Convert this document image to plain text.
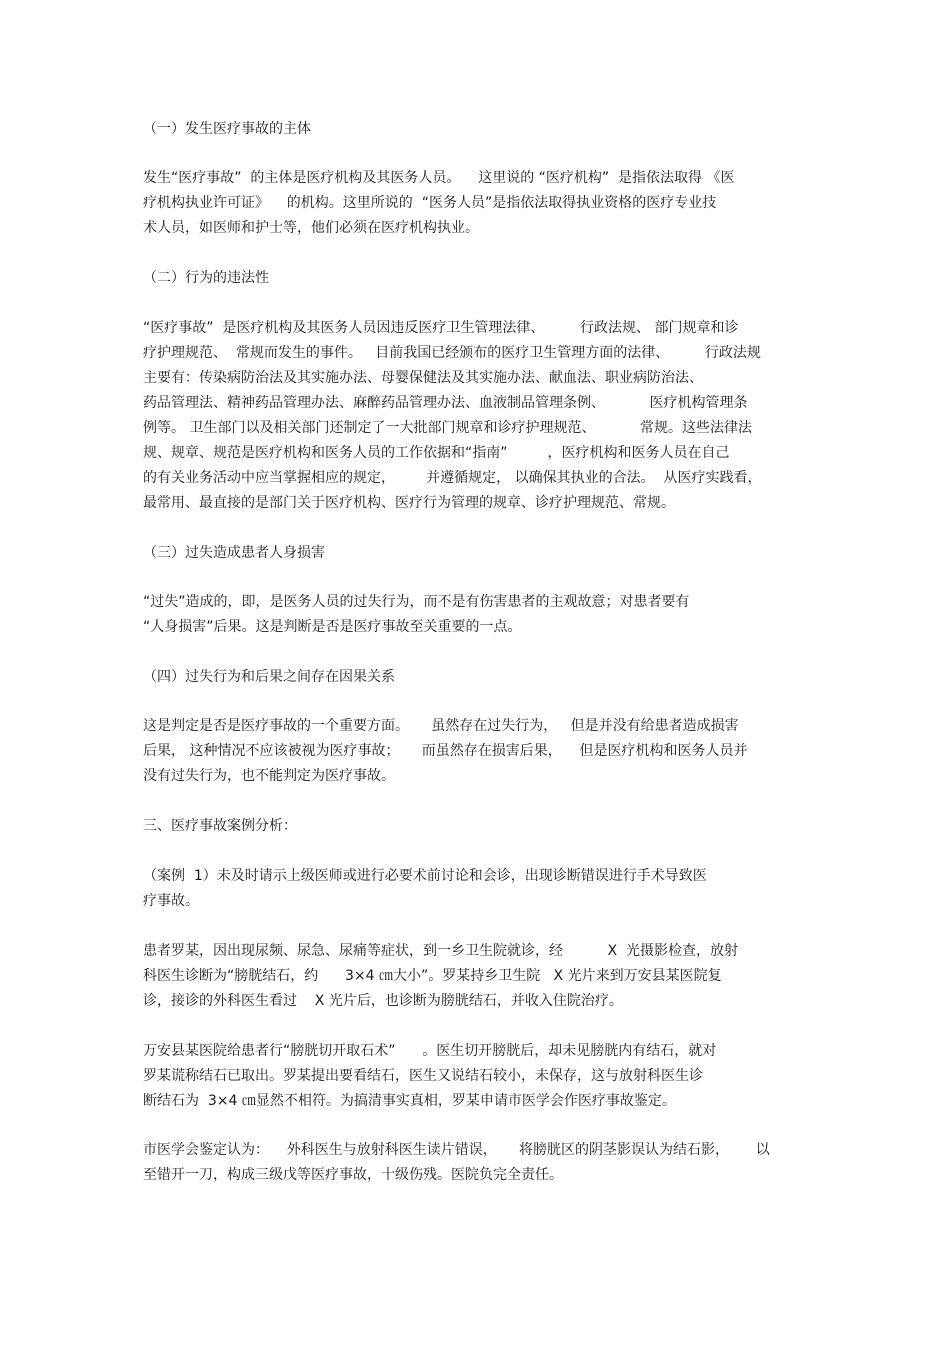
（一）发生医疗事故的主体
发生“医疗事故”  的主体是医疗机构及其医务人员。    这里说的 “医疗机构”  是指依法取得 《医
疗机构执业许可证》    的机构。这里所说的  “医务人员”是指依法取得执业资格的医疗专业技
术人员，如医师和护士等，他们必须在医疗机构执业。
（二）行为的违法性
“医疗事故”  是医疗机构及其医务人员因违反医疗卫生管理法律、        行政法规、 部门规章和诊
疗护理规范、  常规而发生的事件。   目前我国已经颁布的医疗卫生管理方面的法律、        行政法规
主要有：传染病防治法及其实施办法、母婴保健法及其实施办法、献血法、职业病防治法、
药品管理法、精神药品管理办法、麻醉药品管理办法、血液制品管理条例、          医疗机构管理条
例等。 卫生部门以及相关部门还制定了一大批部门规章和诊疗护理规范、          常规。这些法律法
规、规章、规范是医疗机构和医务人员的工作依据和“指南”         ，医疗机构和医务人员在自己
的有关业务活动中应当掌握相应的规定，       并遵循规定， 以确保其执业的合法。  从医疗实践看，
最常用、最直接的是部门关于医疗机构、医疗行为管理的规章、诊疗护理规范、常规。
（三）过失造成患者人身损害
“过失”造成的，即，是医务人员的过失行为，而不是有伤害患者的主观故意；对患者要有
“人身损害”后果。这是判断是否是医疗事故至关重要的一点。
（四）过失行为和后果之间存在因果关系
这是判定是否是医疗事故的一个重要方面。     虽然存在过失行为，   但是并没有给患者造成损害
后果， 这种情况不应该被视为医疗事故；     而虽然存在损害后果，    但是医疗机构和医务人员并
没有过失行为，也不能判定为医疗事故。
三、医疗事故案例分析：
（案例  1）未及时请示上级医师或进行必要术前讨论和会诊，出现诊断错误进行手术导致医
疗事故。
患者罗某，因出现尿频、尿急、尿痛等症状，到一乡卫生院就诊，经          X  光摄影检查，放射
科医生诊断为“膀胱结石，约      3×4 ㎝大小”。罗某持乡卫生院   X 光片来到万安县某医院复
诊，接诊的外科医生看过    X 光片后，也诊断为膀胱结石，并收入住院治疗。
万安县某医院给患者行“膀胱切开取石术”      。医生切开膀胱后，却未见膀胱内有结石，就对
罗某谎称结石已取出。罗某提出要看结石，医生又说结石较小，未保存，这与放射科医生诊
断结石为  3×4 ㎝显然不相符。为搞清事实真相，罗某申请市医学会作医疗事故鉴定。
市医学会鉴定认为：    外科医生与放射科医生读片错误，     将膀胱区的阴茎影误认为结石影，      以
至错开一刀，构成三级戊等医疗事故，十级伤残。医院负完全责任。
